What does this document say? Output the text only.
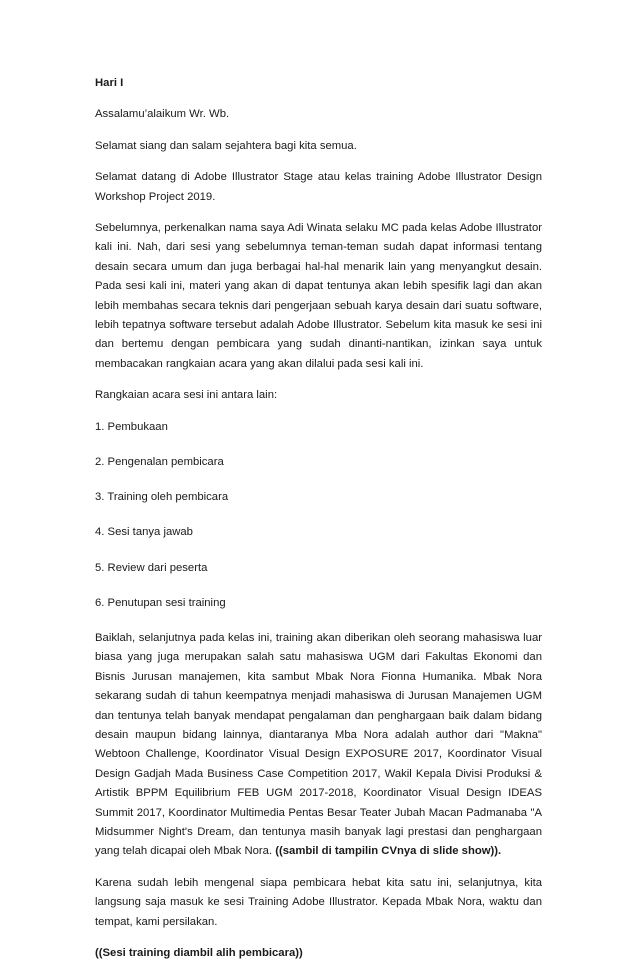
Hari I

Assalamu’alaikum Wr. Wb.

Selamat siang dan salam sejahtera bagi kita semua.

Selamat datang di Adobe Illustrator Stage atau kelas training Adobe Illustrator Design Workshop Project 2019.

Sebelumnya, perkenalkan nama saya Adi Winata selaku MC pada kelas Adobe Illustrator kali ini. Nah, dari sesi yang sebelumnya teman-teman sudah dapat informasi tentang desain secara umum dan juga berbagai hal-hal menarik lain yang menyangkut desain. Pada sesi kali ini, materi yang akan di dapat tentunya akan lebih spesifik lagi dan akan lebih membahas secara teknis dari pengerjaan sebuah karya desain dari suatu software, lebih tepatnya software tersebut adalah Adobe Illustrator. Sebelum kita masuk ke sesi ini dan bertemu dengan pembicara yang sudah dinanti-nantikan, izinkan saya untuk membacakan rangkaian acara yang akan dilalui pada sesi kali ini.

Rangkaian acara sesi ini antara lain:

1. Pembukaan

2. Pengenalan pembicara

3. Training oleh pembicara

4. Sesi tanya jawab

5. Review dari peserta

6. Penutupan sesi training

Baiklah, selanjutnya pada kelas ini, training akan diberikan oleh seorang mahasiswa luar biasa yang juga merupakan salah satu mahasiswa UGM dari Fakultas Ekonomi dan Bisnis Jurusan manajemen, kita sambut Mbak Nora Fionna Humanika. Mbak Nora sekarang sudah di tahun keempatnya menjadi mahasiswa di Jurusan Manajemen UGM dan tentunya telah banyak mendapat pengalaman dan penghargaan baik dalam bidang desain maupun bidang lainnya, diantaranya Mba Nora adalah author dari "Makna" Webtoon Challenge, Koordinator Visual Design EXPOSURE 2017, Koordinator Visual Design Gadjah Mada Business Case Competition 2017, Wakil Kepala Divisi Produksi & Artistik BPPM Equilibrium FEB UGM 2017-2018, Koordinator Visual Design IDEAS Summit 2017, Koordinator Multimedia Pentas Besar Teater Jubah Macan Padmanaba "A Midsummer Night's Dream, dan tentunya masih banyak lagi prestasi dan penghargaan yang telah dicapai oleh Mbak Nora. ((sambil di tampilin CVnya di slide show)).

Karena sudah lebih mengenal siapa pembicara hebat kita satu ini, selanjutnya, kita langsung saja masuk ke sesi Training Adobe Illustrator. Kepada Mbak Nora, waktu dan tempat, kami persilakan.

((Sesi training diambil alih pembicara))
